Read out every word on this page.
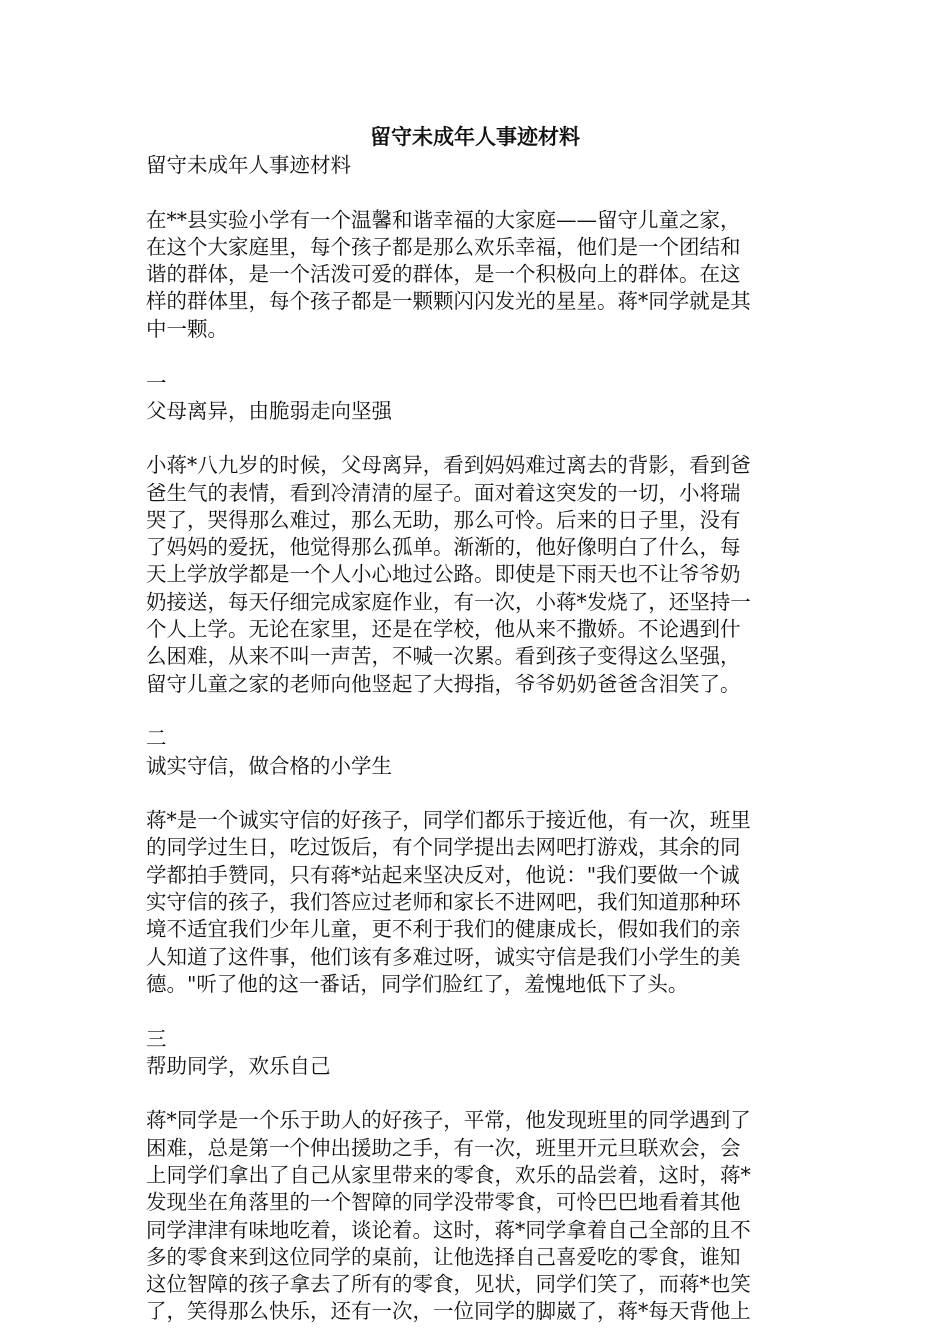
留守未成年人事迹材料

留守未成年人事迹材料

在**县实验小学有一个温馨和谐幸福的大家庭——留守儿童之家，
在这个大家庭里，每个孩子都是那么欢乐幸福，他们是一个团结和
谐的群体，是一个活泼可爱的群体，是一个积极向上的群体。在这
样的群体里，每个孩子都是一颗颗闪闪发光的星星。蒋*同学就是其
中一颗。

一

父母离异，由脆弱走向坚强

小蒋*八九岁的时候，父母离异，看到妈妈难过离去的背影，看到爸
爸生气的表情，看到冷清清的屋子。面对着这突发的一切，小将瑞
哭了，哭得那么难过，那么无助，那么可怜。后来的日子里，没有
了妈妈的爱抚，他觉得那么孤单。渐渐的，他好像明白了什么，每
天上学放学都是一个人小心地过公路。即使是下雨天也不让爷爷奶
奶接送，每天仔细完成家庭作业，有一次，小蒋*发烧了，还坚持一
个人上学。无论在家里，还是在学校，他从来不撒娇。不论遇到什
么困难，从来不叫一声苦，不喊一次累。看到孩子变得这么坚强，
留守儿童之家的老师向他竖起了大拇指，爷爷奶奶爸爸含泪笑了。

二

诚实守信，做合格的小学生

蒋*是一个诚实守信的好孩子，同学们都乐于接近他，有一次，班里
的同学过生日，吃过饭后，有个同学提出去网吧打游戏，其余的同
学都拍手赞同，只有蒋*站起来坚决反对，他说："我们要做一个诚
实守信的孩子，我们答应过老师和家长不进网吧，我们知道那种环
境不适宜我们少年儿童，更不利于我们的健康成长，假如我们的亲
人知道了这件事，他们该有多难过呀，诚实守信是我们小学生的美
德。"听了他的这一番话，同学们脸红了，羞愧地低下了头。

三

帮助同学，欢乐自己

蒋*同学是一个乐于助人的好孩子，平常，他发现班里的同学遇到了
困难，总是第一个伸出援助之手，有一次，班里开元旦联欢会，会
上同学们拿出了自己从家里带来的零食，欢乐的品尝着，这时，蒋*
发现坐在角落里的一个智障的同学没带零食，可怜巴巴地看着其他
同学津津有味地吃着，谈论着。这时，蒋*同学拿着自己全部的且不
多的零食来到这位同学的桌前，让他选择自己喜爱吃的零食，谁知
这位智障的孩子拿去了所有的零食，见状，同学们笑了，而蒋*也笑
了，笑得那么快乐，还有一次，一位同学的脚崴了，蒋*每天背他上
